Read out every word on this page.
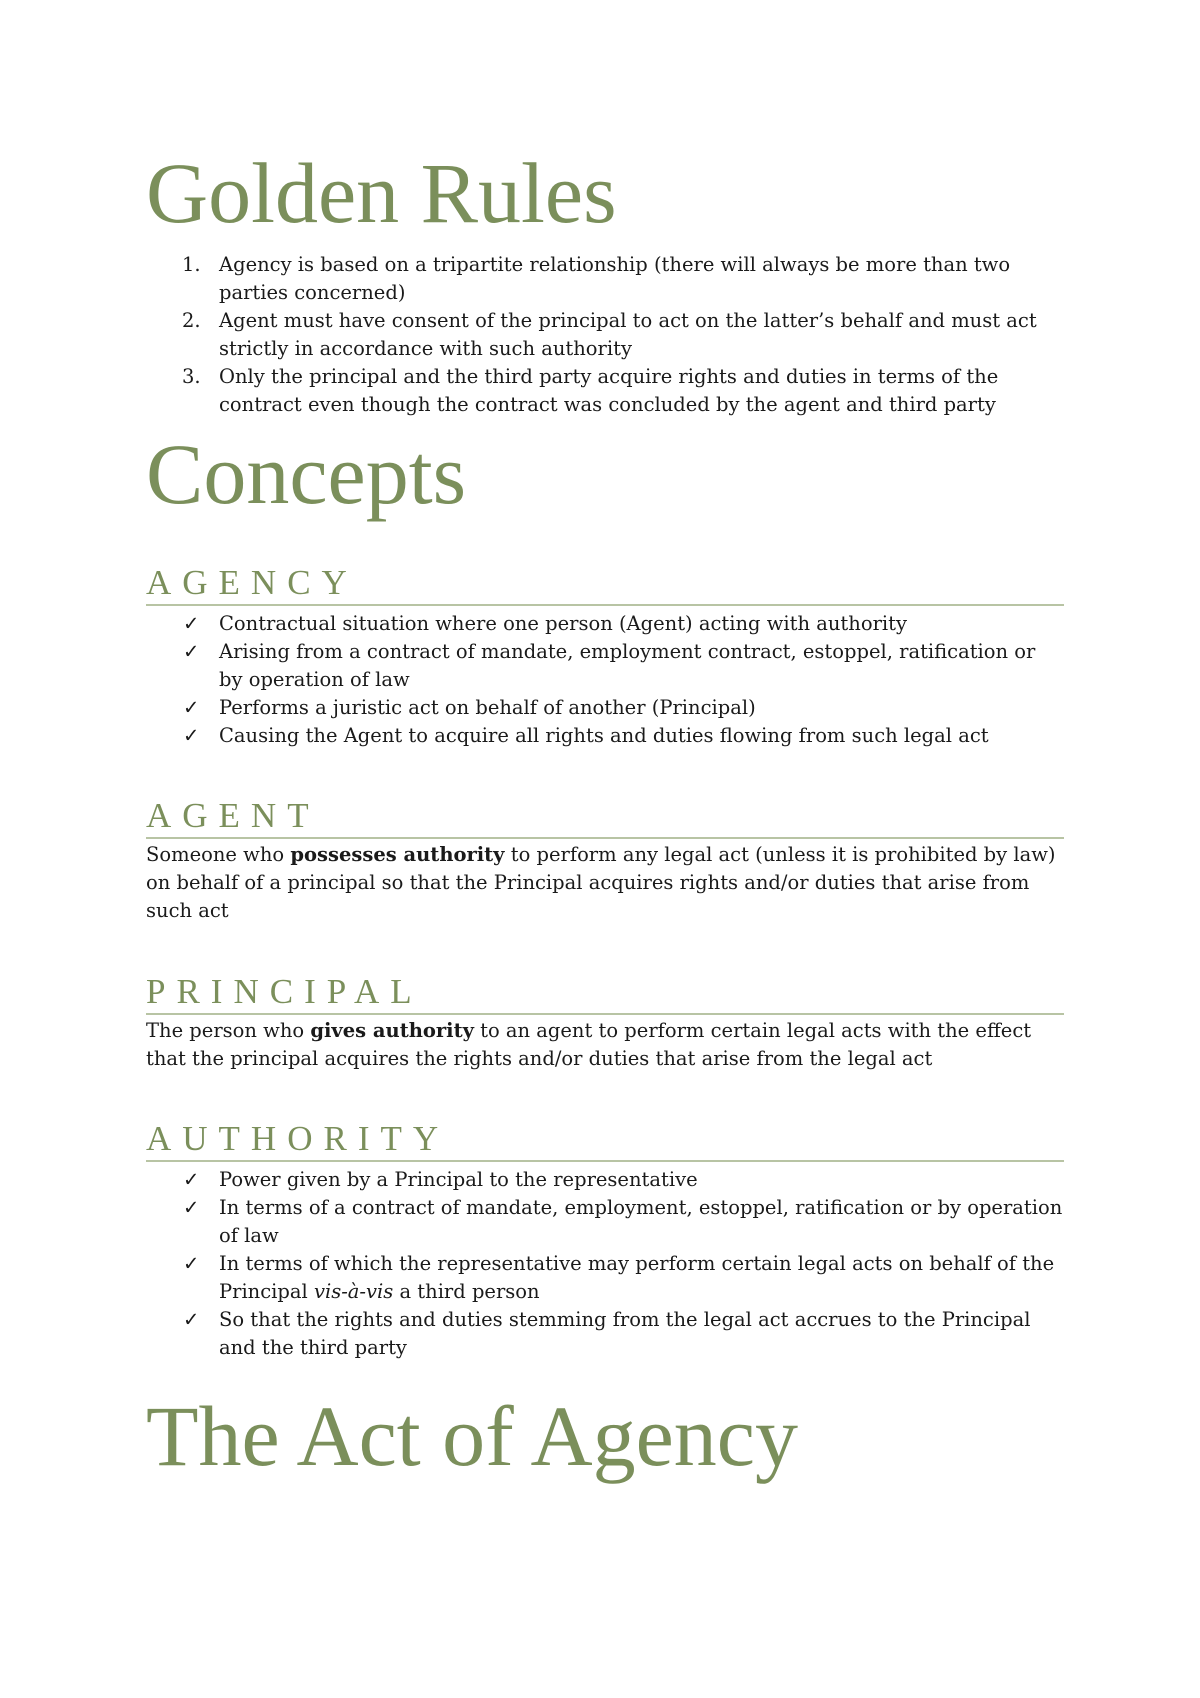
Golden Rules
1. Agency is based on a tripartite relationship (there will always be more than two parties concerned)
2. Agent must have consent of the principal to act on the latter’s behalf and must act strictly in accordance with such authority
3. Only the principal and the third party acquire rights and duties in terms of the contract even though the contract was concluded by the agent and third party
Concepts
AGENCY
✓ Contractual situation where one person (Agent) acting with authority
✓ Arising from a contract of mandate, employment contract, estoppel, ratification or by operation of law
✓ Performs a juristic act on behalf of another (Principal)
✓ Causing the Agent to acquire all rights and duties flowing from such legal act
AGENT

Someone who possesses authority to perform any legal act (unless it is prohibited by law) on behalf of a principal so that the Principal acquires rights and/or duties that arise from such act

PRINCIPAL

The person who gives authority to an agent to perform certain legal acts with the effect that the principal acquires the rights and/or duties that arise from the legal act

AUTHORITY
✓ Power given by a Principal to the representative
✓ In terms of a contract of mandate, employment, estoppel, ratification or by operation of law
✓ In terms of which the representative may perform certain legal acts on behalf of the Principal vis-à-vis a third person
✓ So that the rights and duties stemming from the legal act accrues to the Principal and the third party
The Act of Agency
